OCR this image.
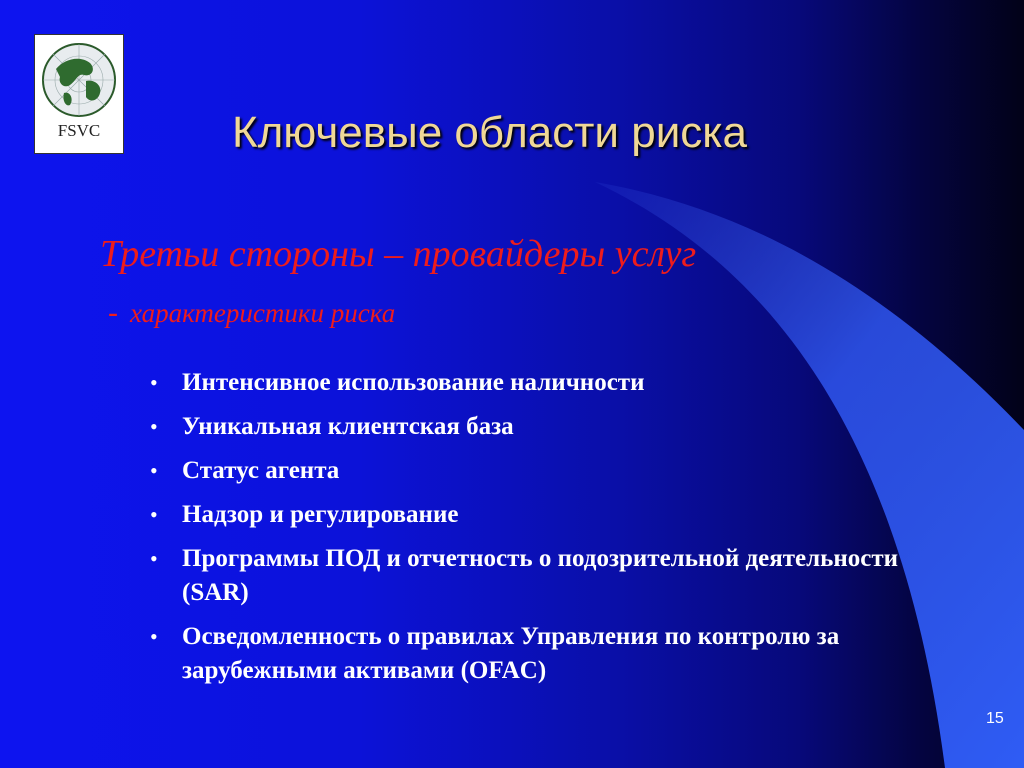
FSVC	Ключевые области риска
Третьи стороны – провайдеры услуг
- характеристики риска
• Интенсивное использование наличности
• Уникальная клиентская база
• Статус агента
• Надзор и регулирование
• Программы ПОД и отчетность о подозрительной деятельности (SAR)
• Осведомленность о правилах Управления по контролю за зарубежными активами (OFAC)
15
